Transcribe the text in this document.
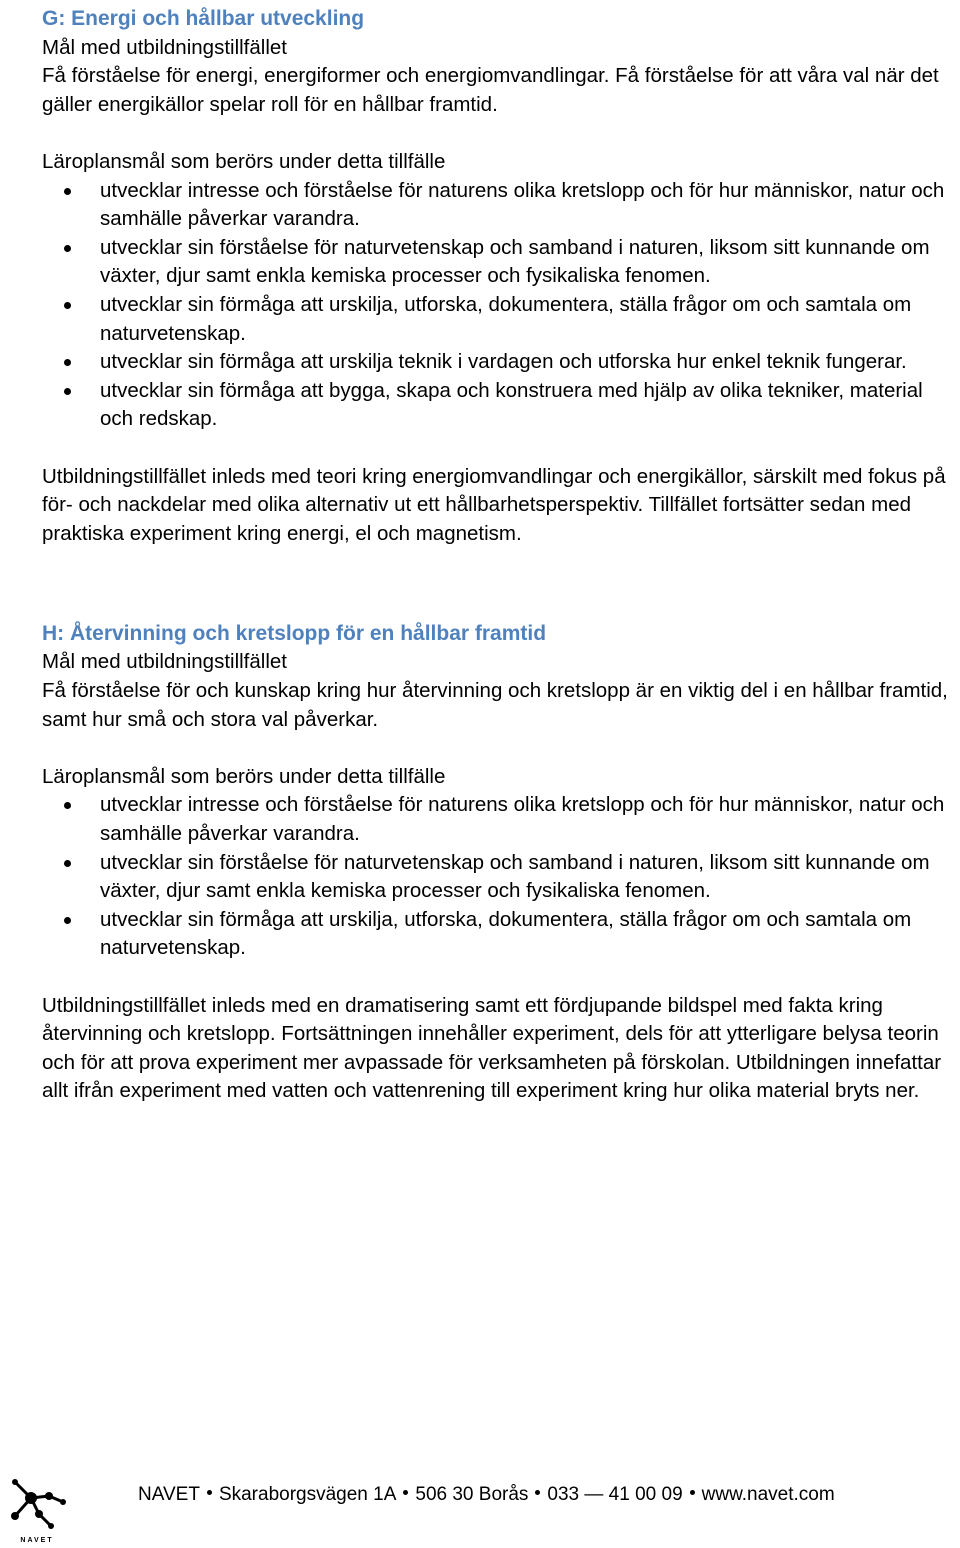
G: Energi och hållbar utveckling

Mål med utbildningstillfället

Få förståelse för energi, energiformer och energiomvandlingar. Få förståelse för att våra val när det gäller energikällor spelar roll för en hållbar framtid.

Läroplansmål som berörs under detta tillfälle

utvecklar intresse och förståelse för naturens olika kretslopp och för hur människor, natur och samhälle påverkar varandra.
utvecklar sin förståelse för naturvetenskap och samband i naturen, liksom sitt kunnande om växter, djur samt enkla kemiska processer och fysikaliska fenomen.
utvecklar sin förmåga att urskilja, utforska, dokumentera, ställa frågor om och samtala om naturvetenskap.
utvecklar sin förmåga att urskilja teknik i vardagen och utforska hur enkel teknik fungerar.
utvecklar sin förmåga att bygga, skapa och konstruera med hjälp av olika tekniker, material och redskap.

Utbildningstillfället inleds med teori kring energiomvandlingar och energikällor, särskilt med fokus på för- och nackdelar med olika alternativ ut ett hållbarhetsperspektiv. Tillfället fortsätter sedan med praktiska experiment kring energi, el och magnetism.

H: Återvinning och kretslopp för en hållbar framtid

Mål med utbildningstillfället

Få förståelse för och kunskap kring hur återvinning och kretslopp är en viktig del i en hållbar framtid, samt hur små och stora val påverkar.

Läroplansmål som berörs under detta tillfälle

utvecklar intresse och förståelse för naturens olika kretslopp och för hur människor, natur och samhälle påverkar varandra.
utvecklar sin förståelse för naturvetenskap och samband i naturen, liksom sitt kunnande om växter, djur samt enkla kemiska processer och fysikaliska fenomen.
utvecklar sin förmåga att urskilja, utforska, dokumentera, ställa frågor om och samtala om naturvetenskap.

Utbildningstillfället inleds med en dramatisering samt ett fördjupande bildspel med fakta kring återvinning och kretslopp. Fortsättningen innehåller experiment, dels för att ytterligare belysa teorin och för att prova experiment mer avpassade för verksamheten på förskolan. Utbildningen innefattar allt ifrån experiment med vatten och vattenrening till experiment kring hur olika material bryts ner.

NAVET
NAVET Skaraborgsvägen 1A 506 30 Borås 033 — 41 00 09 www.navet.com
